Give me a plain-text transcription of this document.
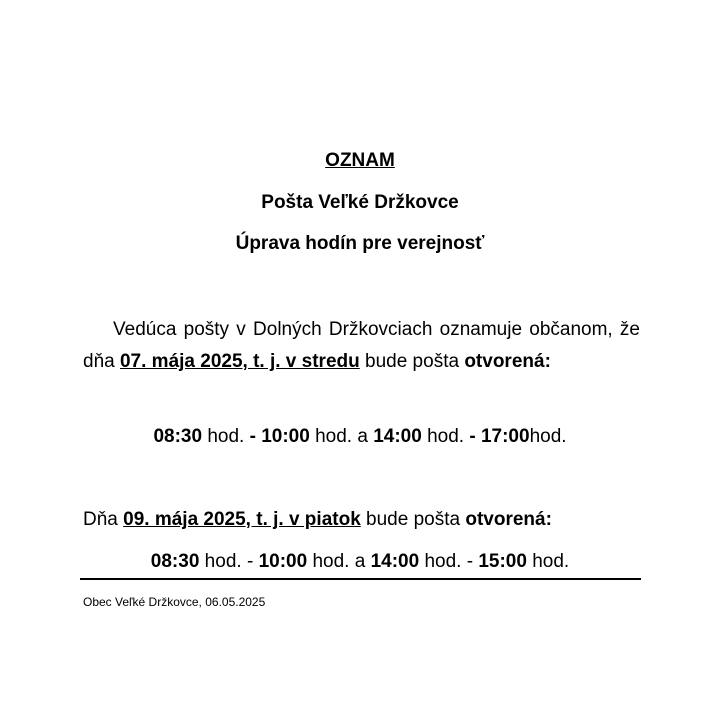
OZNAM
Pošta Veľké Držkovce
Úprava hodín pre verejnosť
Vedúca pošty v Dolných Držkovciach oznamuje občanom, že dňa 07. mája 2025, t. j. v stredu bude pošta otvorená:
08:30 hod. - 10:00 hod. a 14:00 hod. - 17:00hod.
Dňa 09. mája 2025, t. j. v piatok bude pošta otvorená:
08:30 hod. - 10:00 hod. a 14:00 hod. - 15:00 hod.
Obec Veľké Držkovce, 06.05.2025
